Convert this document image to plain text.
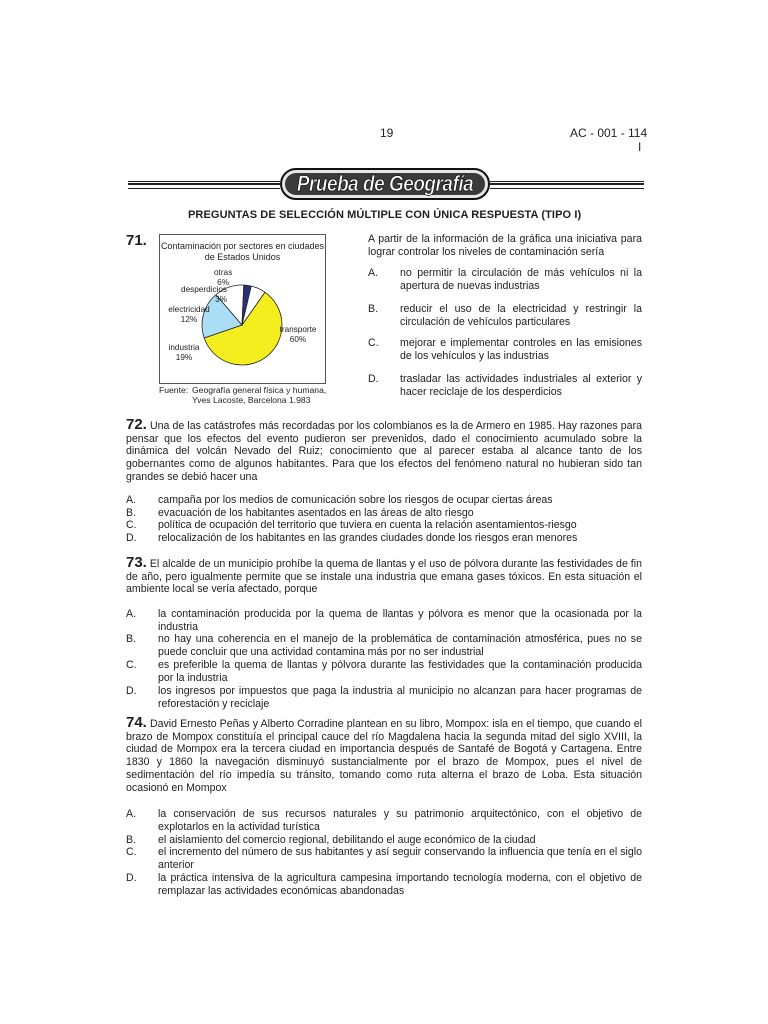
19	AC - 001 - 114
I
Prueba de Geografía
PREGUNTAS DE SELECCIÓN MÚLTIPLE CON ÚNICA RESPUESTA (TIPO I)
71. Contaminación por sectores en ciudades de Estados Unidos
otras
6%
desperdicios
3%
electricidad
12%
industria
19%
transporte
60%
Fuente: Geografía general física y humana, Yves Lacoste, Barcelona 1.983
A partir de la información de la gráfica una iniciativa para lograr controlar los niveles de contaminación sería
A. no permitir la circulación de más vehículos ni la apertura de nuevas industrias
B. reducir el uso de la electricidad y restringir la circulación de vehículos particulares
C. mejorar e implementar controles en las emisiones de los vehículos y las industrias
D. trasladar las actividades industriales al exterior y hacer reciclaje de los desperdicios
72. Una de las catástrofes más recordadas por los colombianos es la de Armero en 1985. Hay razones para pensar que los efectos del evento pudieron ser prevenidos, dado el conocimiento acumulado sobre la dinámica del volcán Nevado del Ruiz; conocimiento que al parecer estaba al alcance tanto de los gobernantes como de algunos habitantes. Para que los efectos del fenómeno natural no hubieran sido tan grandes se debió hacer una
A. campaña por los medios de comunicación sobre los riesgos de ocupar ciertas áreas
B. evacuación de los habitantes asentados en las áreas de alto riesgo
C. política de ocupación del territorio que tuviera en cuenta la relación asentamientos-riesgo
D. relocalización de los habitantes en las grandes ciudades donde los riesgos eran menores
73. El alcalde de un municipio prohíbe la quema de llantas y el uso de pólvora durante las festividades de fin de año, pero igualmente permite que se instale una industria que emana gases tóxicos. En esta situación el ambiente local se vería afectado, porque
A. la contaminación producida por la quema de llantas y pólvora es menor que la ocasionada por la industria
B. no hay una coherencia en el manejo de la problemática de contaminación atmosférica, pues no se puede concluir que una actividad contamina más por no ser industrial
C. es preferible la quema de llantas y pólvora durante las festividades que la contaminación producida por la industria
D. los ingresos por impuestos que paga la industria al municipio no alcanzan para hacer programas de reforestación y reciclaje
74. David Ernesto Peñas y Alberto Corradine plantean en su libro, Mompox: isla en el tiempo, que cuando el brazo de Mompox constituía el principal cauce del río Magdalena hacia la segunda mitad del siglo XVIII, la ciudad de Mompox era la tercera ciudad en importancia después de Santafé de Bogotá y Cartagena. Entre 1830 y 1860 la navegación disminuyó sustancialmente por el brazo de Mompox, pues el nivel de sedimentación del río impedía su tránsito, tomando como ruta alterna el brazo de Loba. Esta situación ocasionó en Mompox
A. la conservación de sus recursos naturales y su patrimonio arquitectónico, con el objetivo de explotarlos en la actividad turística
B. el aislamiento del comercio regional, debilitando el auge económico de la ciudad
C. el incremento del número de sus habitantes y así seguir conservando la influencia que tenía en el siglo anterior
D. la práctica intensiva de la agricultura campesina importando tecnología moderna, con el objetivo de remplazar las actividades económicas abandonadas
